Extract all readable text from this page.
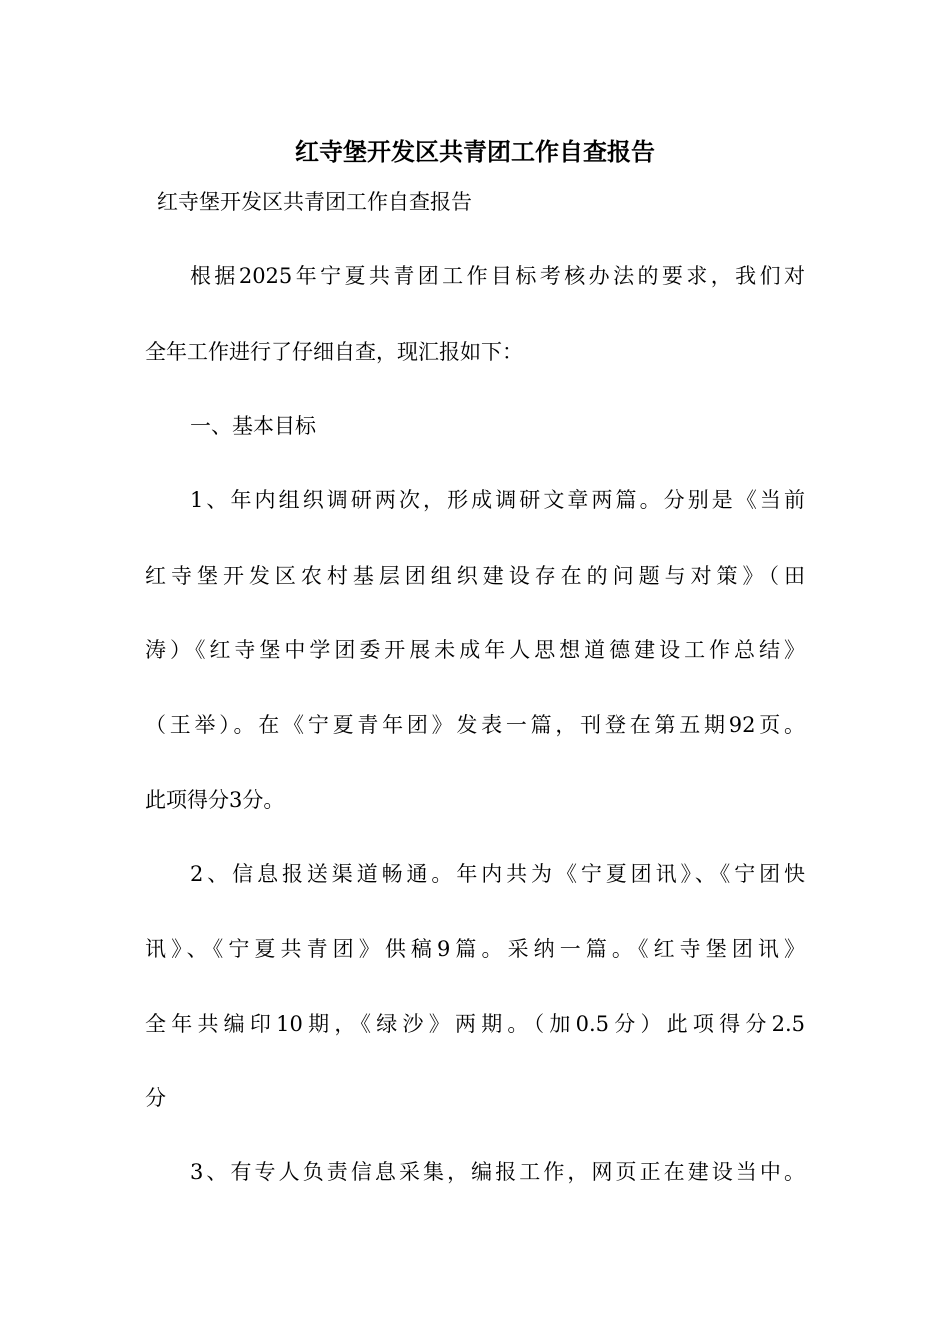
红寺堡开发区共青团工作自查报告

红寺堡开发区共青团工作自查报告

根据2025年宁夏共青团工作目标考核办法的要求，我们对

全年工作进行了仔细自查，现汇报如下：

一、基本目标

1、年内组织调研两次，形成调研文章两篇。分别是《当前

红寺堡开发区农村基层团组织建设存在的问题与对策》（田

涛）《红寺堡中学团委开展未成年人思想道德建设工作总结》

（王举）。在《宁夏青年团》发表一篇，刊登在第五期92页。

此项得分3分。

2、信息报送渠道畅通。年内共为《宁夏团讯》、《宁团快

讯》、《宁夏共青团》供稿9篇。采纳一篇。《红寺堡团讯》

全年共编印10期，《绿沙》两期。（加0.5分）此项得分2.5

分

3、有专人负责信息采集，编报工作，网页正在建设当中。
